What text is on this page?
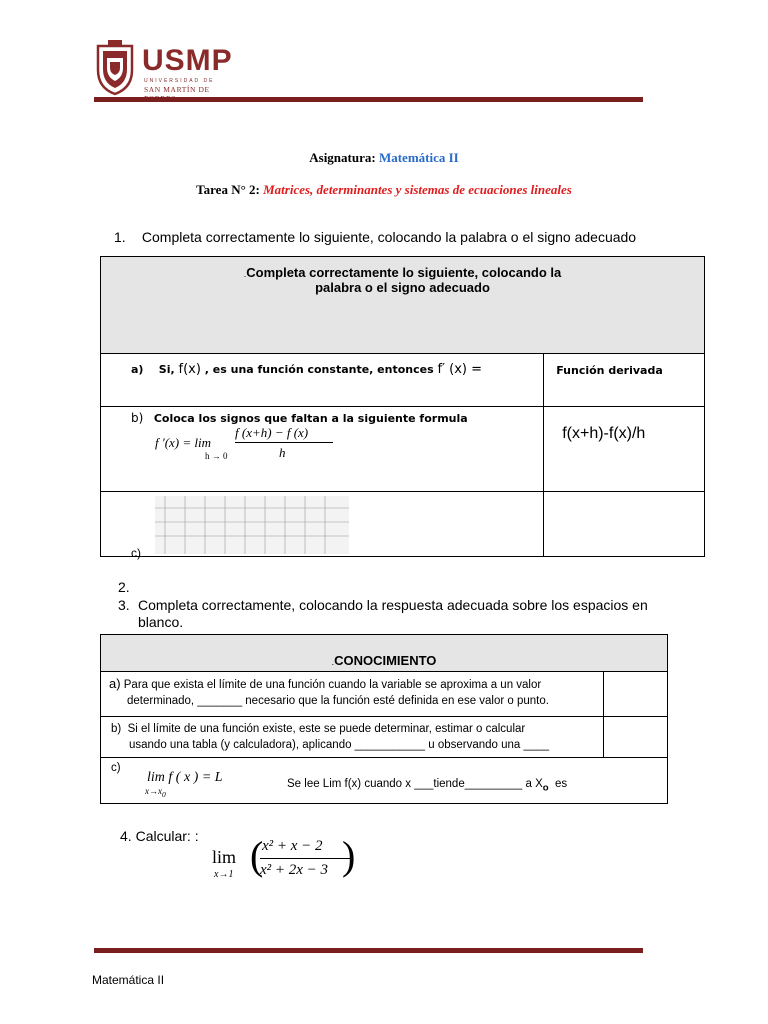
USMP
UNIVERSIDAD DE
SAN MARTÍN DE
Asignatura: Matemática II
Tarea N° 2: Matrices, determinantes y sistemas de ecuaciones lineales
1. Completa correctamente lo siguiente, colocando la palabra o el signo adecuado
.Completa correctamente lo siguiente, colocando la
palabra o el signo adecuado	

a) Si, f(x) , es una función constante, entonces f′ (x) =	Función derivada

b) Coloca los signos que faltan a la siguiente formula
f ′(x) = lim
h → 0
f (x+h) − f (x)
h	f(x+h)-f(x)/h

c)	

2.
3. Completa correctamente, colocando la respuesta adecuada sobre los espacios en
blanco.
.CONOCIMIENTO	

a) Para que exista el límite de una función cuando la variable se aproxima a un valor
determinado, _______ necesario que la función esté definida en ese valor o punto.	

b) Si el límite de una función existe, este se puede determinar, estimar o calcular
usando una tabla (y calculadora), aplicando ___________ u observando una ____	

c)
lim f ( x ) = L
$x\to x_0$
Se lee Lim f(x) cuando x ___tiende_________ a $X_o$ es	
4. Calcular: :
lim
x→1 (
x² + x − 2
x² + 2x − 3 )
Matemática II
